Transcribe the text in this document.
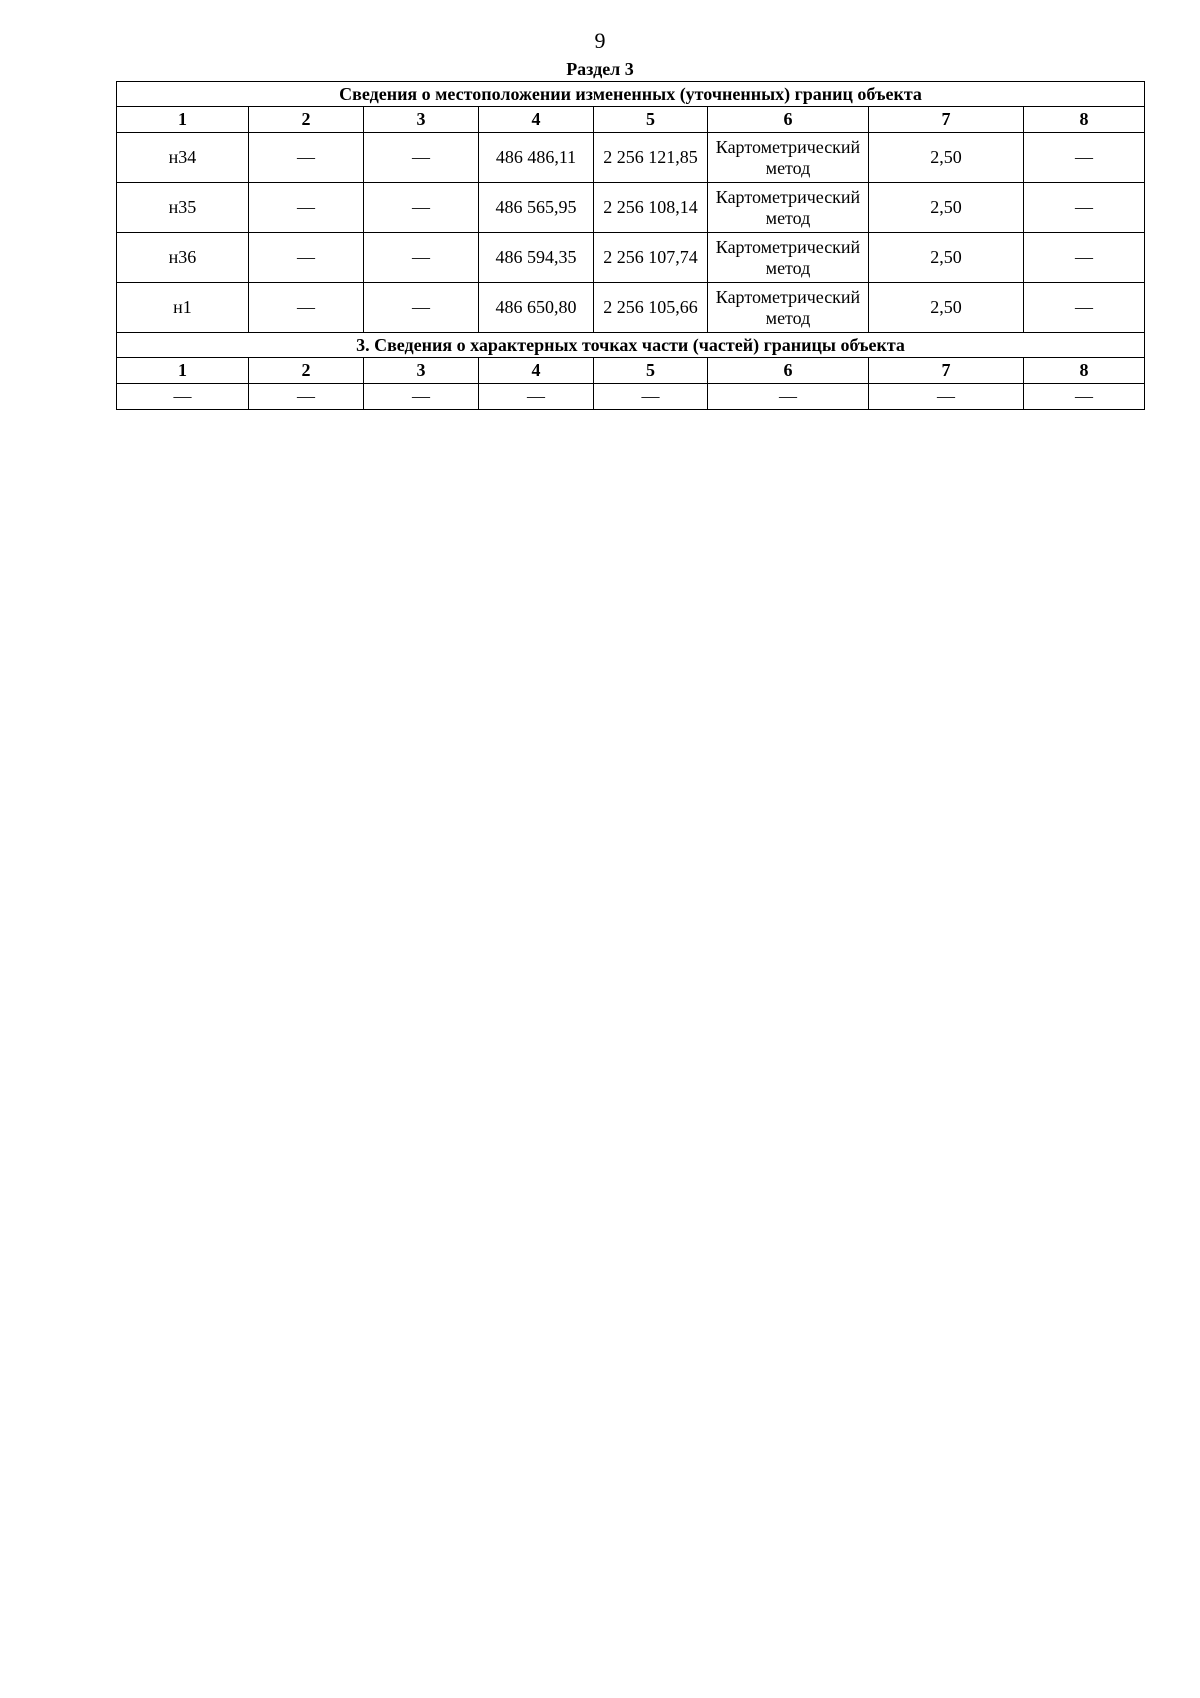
9
Раздел 3
Сведения о местоположении измененных (уточненных) границ объекта							
1	2	3	4	5	6	7	8
н34	—	—	486 486,11	2 256 121,85	Картометрический метод	2,50	—
н35	—	—	486 565,95	2 256 108,14	Картометрический метод	2,50	—
н36	—	—	486 594,35	2 256 107,74	Картометрический метод	2,50	—
н1	—	—	486 650,80	2 256 105,66	Картометрический метод	2,50	—
3. Сведения о характерных точках части (частей) границы объекта							
1	2	3	4	5	6	7	8
—	—	—	—	—	—	—	—
